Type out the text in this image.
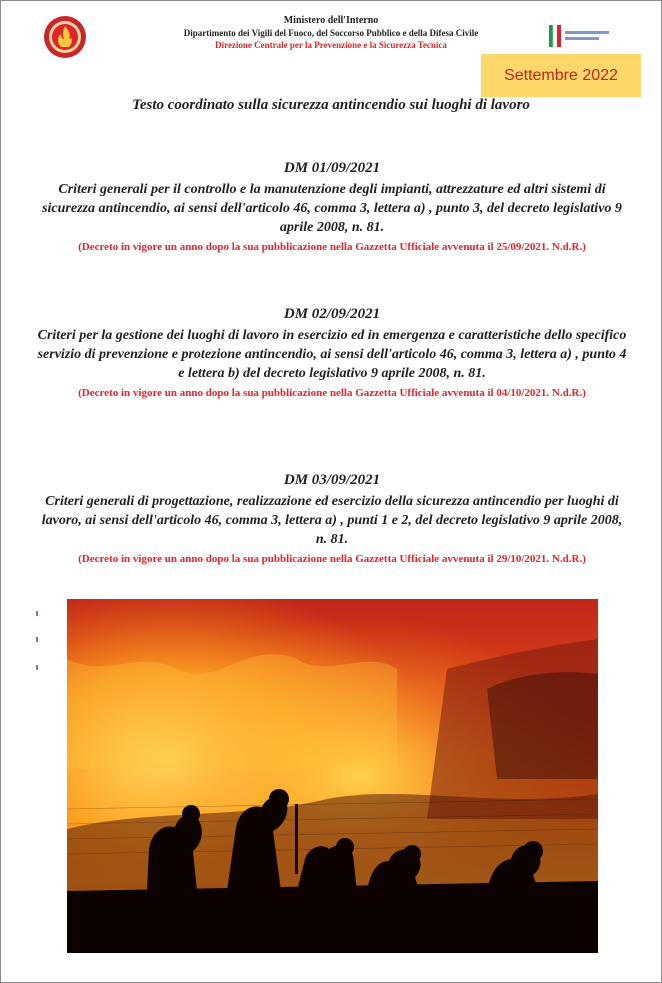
Ministero dell'Interno
Dipartimento dei Vigili del Fuoco, del Soccorso Pubblico e della Difesa Civile
Direzione Centrale per la Prevenzione e la Sicurezza Tecnica
Settembre 2022
Testo coordinato sulla sicurezza antincendio sui luoghi di lavoro
DM 01/09/2021
Criteri generali per il controllo e la manutenzione degli impianti, attrezzature ed altri sistemi di sicurezza antincendio, ai sensi dell'articolo 46, comma 3, lettera a) , punto 3, del decreto legislativo 9 aprile 2008, n. 81.
(Decreto in vigore un anno dopo la sua pubblicazione nella Gazzetta Ufficiale avvenuta il 25/09/2021. N.d.R.)
DM 02/09/2021
Criteri per la gestione dei luoghi di lavoro in esercizio ed in emergenza e caratteristiche dello specifico servizio di prevenzione e protezione antincendio, ai sensi dell'articolo 46, comma 3, lettera a) , punto 4 e lettera b) del decreto legislativo 9 aprile 2008, n. 81.
(Decreto in vigore un anno dopo la sua pubblicazione nella Gazzetta Ufficiale avvenuta il 04/10/2021. N.d.R.)
DM 03/09/2021
Criteri generali di progettazione, realizzazione ed esercizio della sicurezza antincendio per luoghi di lavoro, ai sensi dell'articolo 46, comma 3, lettera a) , punti 1 e 2, del decreto legislativo 9 aprile 2008, n. 81.
(Decreto in vigore un anno dopo la sua pubblicazione nella Gazzetta Ufficiale avvenuta il 29/10/2021. N.d.R.)
